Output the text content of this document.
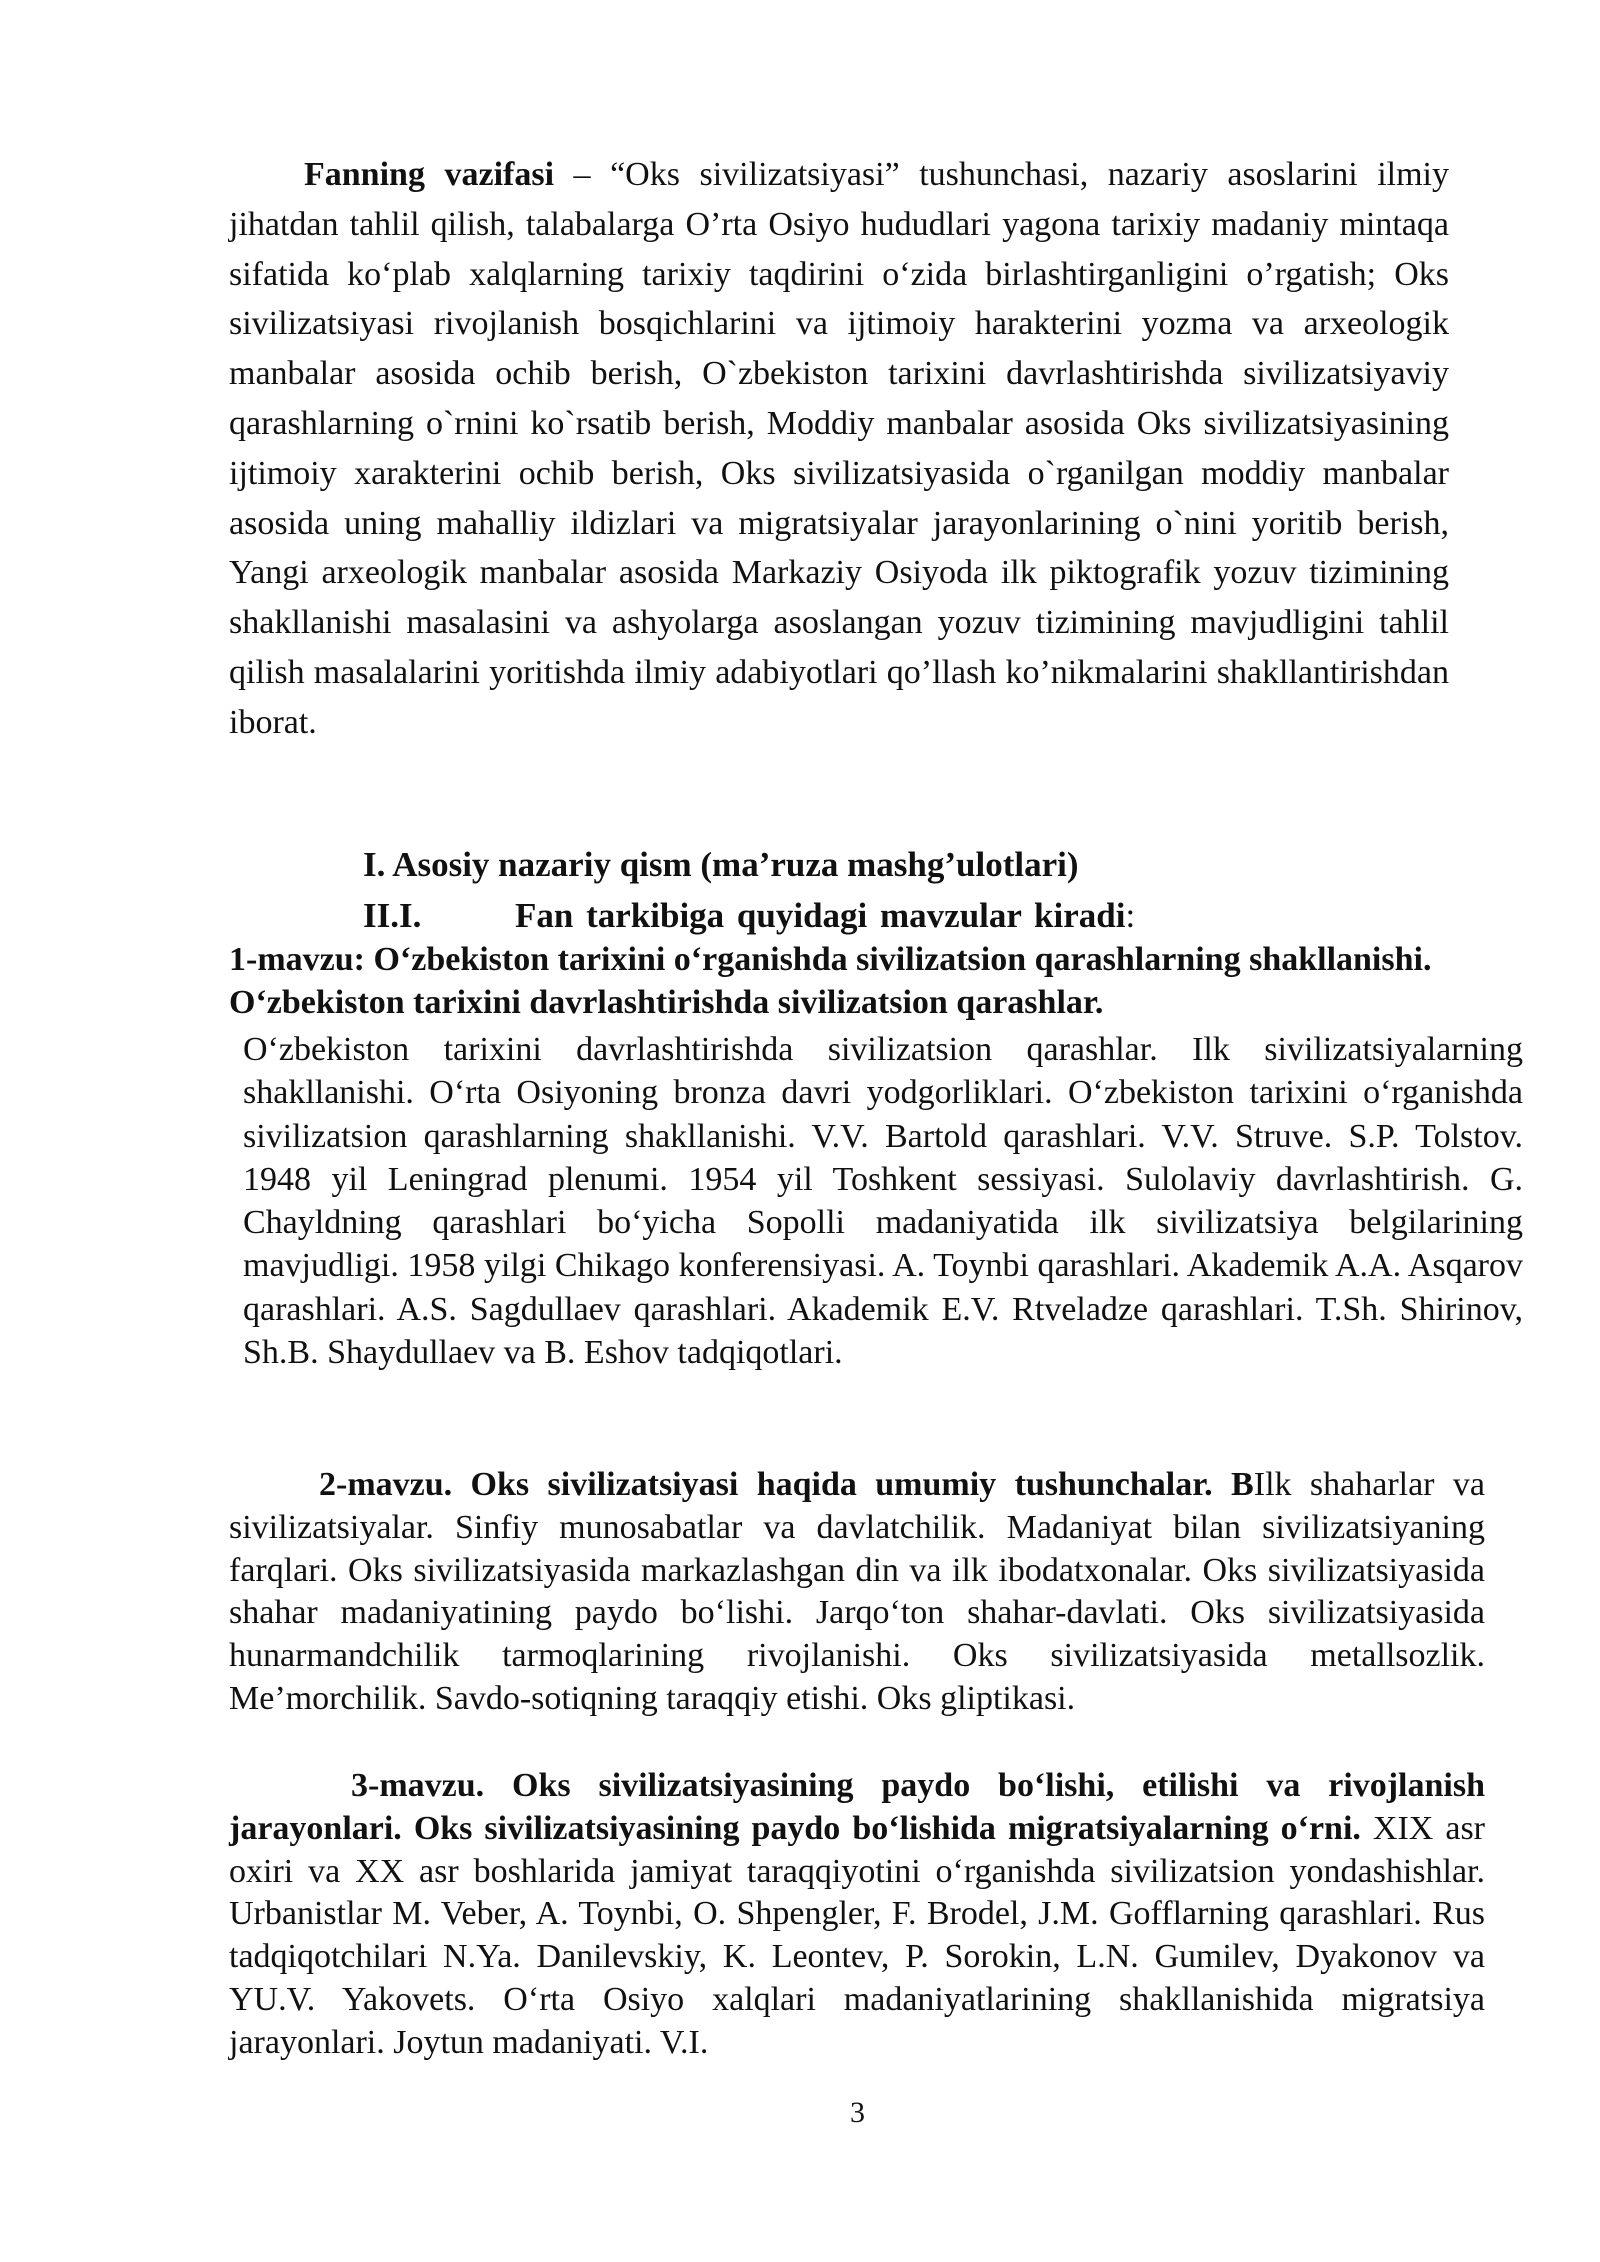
Fanning vazifasi – “Oks sivilizatsiyasi” tushunchasi, nazariy asoslarini ilmiy jihatdan tahlil qilish, talabalarga O’rta Osiyo hududlari yagona tarixiy madaniy mintaqa sifatida koʻplab xalqlarning tarixiy taqdirini oʻzida birlashtirganligini o’rgatish; Oks sivilizatsiyasi rivojlanish bosqichlarini va ijtimoiy harakterini yozma va arxeologik manbalar asosida ochib berish, O`zbekiston tarixini davrlashtirishda sivilizatsiyaviy qarashlarning o`rnini ko`rsatib berish, Moddiy manbalar asosida Oks sivilizatsiyasining ijtimoiy xarakterini ochib berish, Oks sivilizatsiyasida o`rganilgan moddiy manbalar asosida uning mahalliy ildizlari va migratsiyalar jarayonlarining o`nini yoritib berish, Yangi arxeologik manbalar asosida Markaziy Osiyoda ilk piktografik yozuv tizimining shakllanishi masalasini va ashyolarga asoslangan yozuv tizimining mavjudligini tahlil qilish masalalarini yoritishda ilmiy adabiyotlari qo’llash ko’nikmalarini shakllantirishdan iborat.

I. Asosiy nazariy qism (ma’ruza mashg’ulotlari)

II.I.	Fan tarkibiga quyidagi mavzular kiradi:

1-mavzu: Oʻzbekiston tarixini oʻrganishda sivilizatsion qarashlarning shakllanishi. Oʻzbekiston tarixini davrlashtirishda sivilizatsion qarashlar.

Oʻzbekiston tarixini davrlashtirishda sivilizatsion qarashlar. Ilk sivilizatsiyalarning shakllanishi. Oʻrta Osiyoning bronza davri yodgorliklari. Oʻzbekiston tarixini oʻrganishda sivilizatsion qarashlarning shakllanishi. V.V. Bartold qarashlari. V.V. Struve. S.P. Tolstov. 1948 yil Leningrad plenumi. 1954 yil Toshkent sessiyasi. Sulolaviy davrlashtirish. G. Chayldning qarashlari boʻyicha Sopolli madaniyatida ilk sivilizatsiya belgilarining mavjudligi. 1958 yilgi Chikago konferensiyasi. A. Toynbi qarashlari. Akademik A.A. Asqarov qarashlari. A.S. Sagdullaev qarashlari. Akademik E.V. Rtveladze qarashlari. T.Sh. Shirinov, Sh.B. Shaydullaev va B. Eshov tadqiqotlari.

2-mavzu. Oks sivilizatsiyasi haqida umumiy tushunchalar. BIlk shaharlar va sivilizatsiyalar. Sinfiy munosabatlar va davlatchilik. Madaniyat bilan sivilizatsiyaning farqlari. Oks sivilizatsiyasida markazlashgan din va ilk ibodatxonalar. Oks sivilizatsiyasida shahar madaniyatining paydo boʻlishi. Jarqoʻton shahar-davlati. Oks sivilizatsiyasida hunarmandchilik tarmoqlarining rivojlanishi. Oks sivilizatsiyasida metallsozlik. Me’morchilik. Savdo-sotiqning taraqqiy etishi. Oks gliptikasi.

3-mavzu. Oks sivilizatsiyasining paydo boʻlishi, etilishi va rivojlanish jarayonlari. Oks sivilizatsiyasining paydo boʻlishida migratsiyalarning oʻrni. XIX asr oxiri va XX asr boshlarida jamiyat taraqqiyotini oʻrganishda sivilizatsion yondashishlar. Urbanistlar M. Veber, A. Toynbi, O. Shpengler, F. Brodel, J.M. Gofflarning qarashlari. Rus tadqiqotchilari N.Ya. Danilevskiy, K. Leontev, P. Sorokin, L.N. Gumilev, Dyakonov va YU.V. Yakovets. Oʻrta Osiyo xalqlari madaniyatlarining shakllanishida migratsiya jarayonlari. Joytun madaniyati. V.I.

3
